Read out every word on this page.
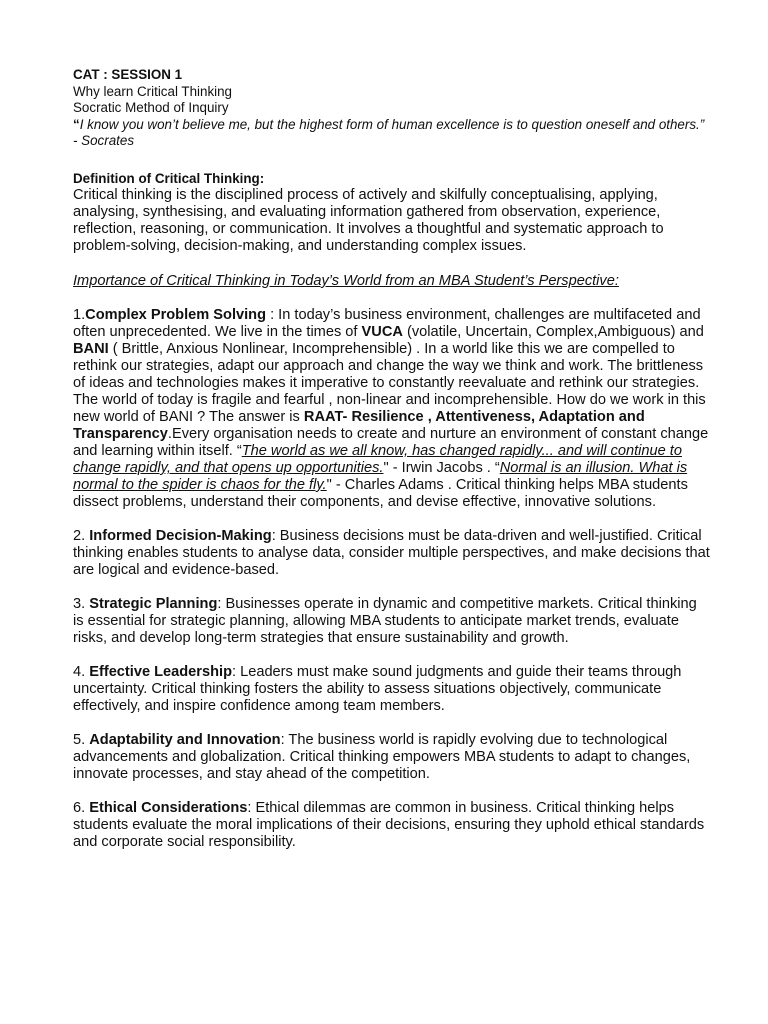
CAT : SESSION 1
Why learn Critical Thinking
Socratic Method of Inquiry
“I know you won’t believe me, but the highest form of human excellence is to question oneself and others.” - Socrates
Definition of Critical Thinking:
Critical thinking is the disciplined process of actively and skilfully conceptualising, applying, analysing, synthesising, and evaluating information gathered from observation, experience, reflection, reasoning, or communication. It involves a thoughtful and systematic approach to problem-solving, decision-making, and understanding complex issues.
Importance of Critical Thinking in Today’s World from an MBA Student’s Perspective:
1.Complex Problem Solving : In today’s business environment, challenges are multifaceted and often unprecedented. We live in the times of VUCA (volatile, Uncertain, Complex,Ambiguous) and BANI ( Brittle, Anxious Nonlinear, Incomprehensible) . In a world like this we are compelled to rethink our strategies, adapt our approach and change the way we think and work. The brittleness of ideas and technologies makes it imperative to constantly reevaluate and rethink our strategies. The world of today is fragile and fearful , non-linear and incomprehensible. How do we work in this new world of BANI ? The answer is RAAT- Resilience , Attentiveness, Adaptation and Transparency.Every organisation needs to create and nurture an environment of constant change and learning within itself. “The world as we all know, has changed rapidly... and will continue to change rapidly, and that opens up opportunities." - Irwin Jacobs . “Normal is an illusion. What is normal to the spider is chaos for the fly." - Charles Adams . Critical thinking helps MBA students dissect problems, understand their components, and devise effective, innovative solutions.
2. Informed Decision-Making: Business decisions must be data-driven and well-justified. Critical thinking enables students to analyse data, consider multiple perspectives, and make decisions that are logical and evidence-based.
3. Strategic Planning: Businesses operate in dynamic and competitive markets. Critical thinking is essential for strategic planning, allowing MBA students to anticipate market trends, evaluate risks, and develop long-term strategies that ensure sustainability and growth.
4. Effective Leadership: Leaders must make sound judgments and guide their teams through uncertainty. Critical thinking fosters the ability to assess situations objectively, communicate effectively, and inspire confidence among team members.
5. Adaptability and Innovation: The business world is rapidly evolving due to technological advancements and globalization. Critical thinking empowers MBA students to adapt to changes, innovate processes, and stay ahead of the competition.
6. Ethical Considerations: Ethical dilemmas are common in business. Critical thinking helps students evaluate the moral implications of their decisions, ensuring they uphold ethical standards and corporate social responsibility.
